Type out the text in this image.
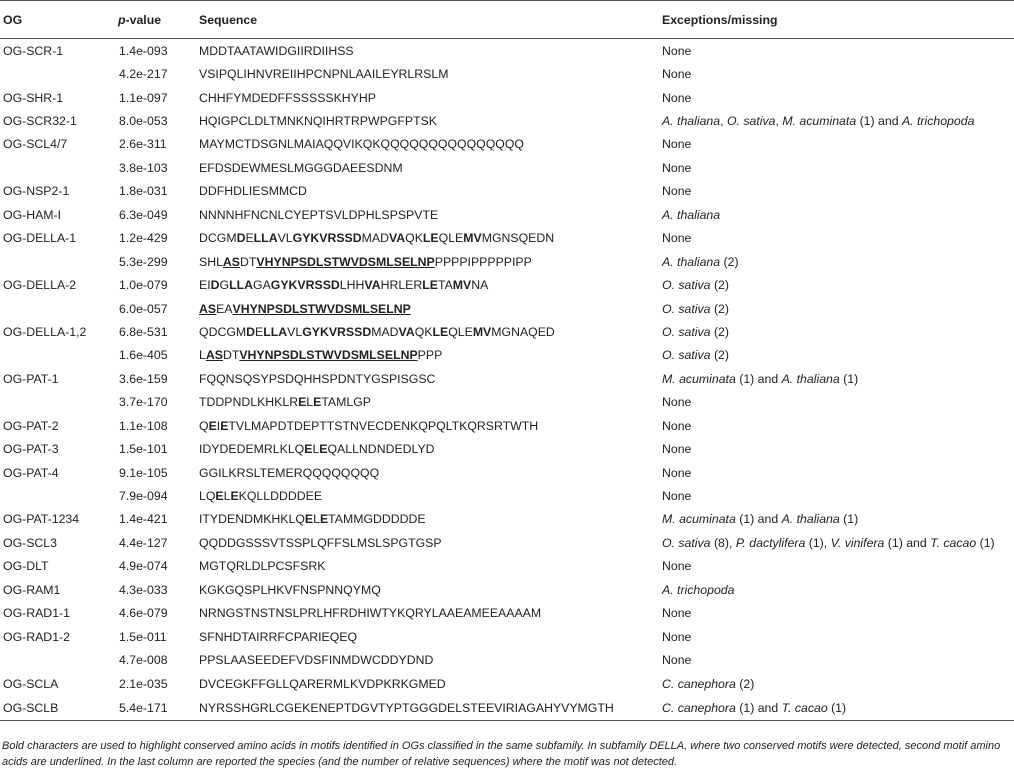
OG	p-value	Sequence	Exceptions/missing
OG-SCR-1	1.4e-093	MDDTAATAWIDGIIRDIIHSS	None
	4.2e-217	VSIPQLIHNVREIIHPCNPNLAAILEYRLRSLM	None
OG-SHR-1	1.1e-097	CHHFYMDEDFFSSSSSKHYHP	None
OG-SCR32-1	8.0e-053	HQIGPCLDLTMNKNQIHRTRPWPGFPTSK	A. thaliana, O. sativa, M. acuminata (1) and A. trichopoda
OG-SCL4/7	2.6e-311	MAYMCTDSGNLMAIAQQVIKQKQQQQQQQQQQQQQQQ	None
	3.8e-103	EFDSDEWMESLMGGGDAEESDNM	None
OG-NSP2-1	1.8e-031	DDFHDLIESMMCD	None
OG-HAM-I	6.3e-049	NNNNHFNCNLCYEPTSVLDPHLSPSPVTE	A. thaliana
OG-DELLA-1	1.2e-429	DCGMDELLAVLGYKVRSSDMADVAQKLEQLEMVMGNSQEDN	None
	5.3e-299	SHLASDTVHYNPSDLSTWVDSMLSELNPPPPPIPPPPPIPP	A. thaliana (2)
OG-DELLA-2	1.0e-079	EIDGLLAGAGYKVRSSDLHHVAHRLERLETAMVNA	O. sativa (2)
	6.0e-057	ASEAVHYNPSDLSTWVDSMLSELNP	O. sativa (2)
OG-DELLA-1,2	6.8e-531	QDCGMDELLAVLGYKVRSSDMADVAQKLEQLEMVMGNAQED	O. sativa (2)
	1.6e-405	LASDTVHYNPSDLSTWVDSMLSELNPPPP	O. sativa (2)
OG-PAT-1	3.6e-159	FQQNSQSYPSDQHHSPDNTYGSPISGSC	M. acuminata (1) and A. thaliana (1)
	3.7e-170	TDDPNDLKHKLRELETAMLGP	None
OG-PAT-2	1.1e-108	QEIETVLMAPDTDEPTTSTNVECDENKQPQLTKQRSRTWTH	None
OG-PAT-3	1.5e-101	IDYDEDEMRLKLQELEQALLNDNDEDLYD	None
OG-PAT-4	9.1e-105	GGILKRSLTEMERQQQQQQQQ	None
	7.9e-094	LQELEKQLLDDDDEE	None
OG-PAT-1234	1.4e-421	ITYDENDMKHKLQELETAMMGDDDDDE	M. acuminata (1) and A. thaliana (1)
OG-SCL3	4.4e-127	QQDDGSSSVTSSPLQFFSLMSLSPGTGSP	O. sativa (8), P. dactylifera (1), V. vinifera (1) and T. cacao (1)
OG-DLT	4.9e-074	MGTQRLDLPCSFSRK	None
OG-RAM1	4.3e-033	KGKGQSPLHKVFNSPNNQYMQ	A. trichopoda
OG-RAD1-1	4.6e-079	NRNGSTNSTNSLPRLHFRDHIWTYKQRYLAAEAMEEAAAAM	None
OG-RAD1-2	1.5e-011	SFNHDTAIRRFCPARIEQEQ	None
	4.7e-008	PPSLAASEEDEFVDSFINMDWCDDYDND	None
OG-SCLA	2.1e-035	DVCEGKFFGLLQARERMLKVDPKRKGMED	C. canephora (2)
OG-SCLB	5.4e-171	NYRSSHGRLCGEKENEPTDGVTYPTGGGDELSTEEVIRIAGAHYVYMGTH	C. canephora (1) and T. cacao (1)
Bold characters are used to highlight conserved amino acids in motifs identified in OGs classified in the same subfamily. In subfamily DELLA, where two conserved motifs were detected, second motif amino acids are underlined. In the last column are reported the species (and the number of relative sequences) where the motif was not detected.
